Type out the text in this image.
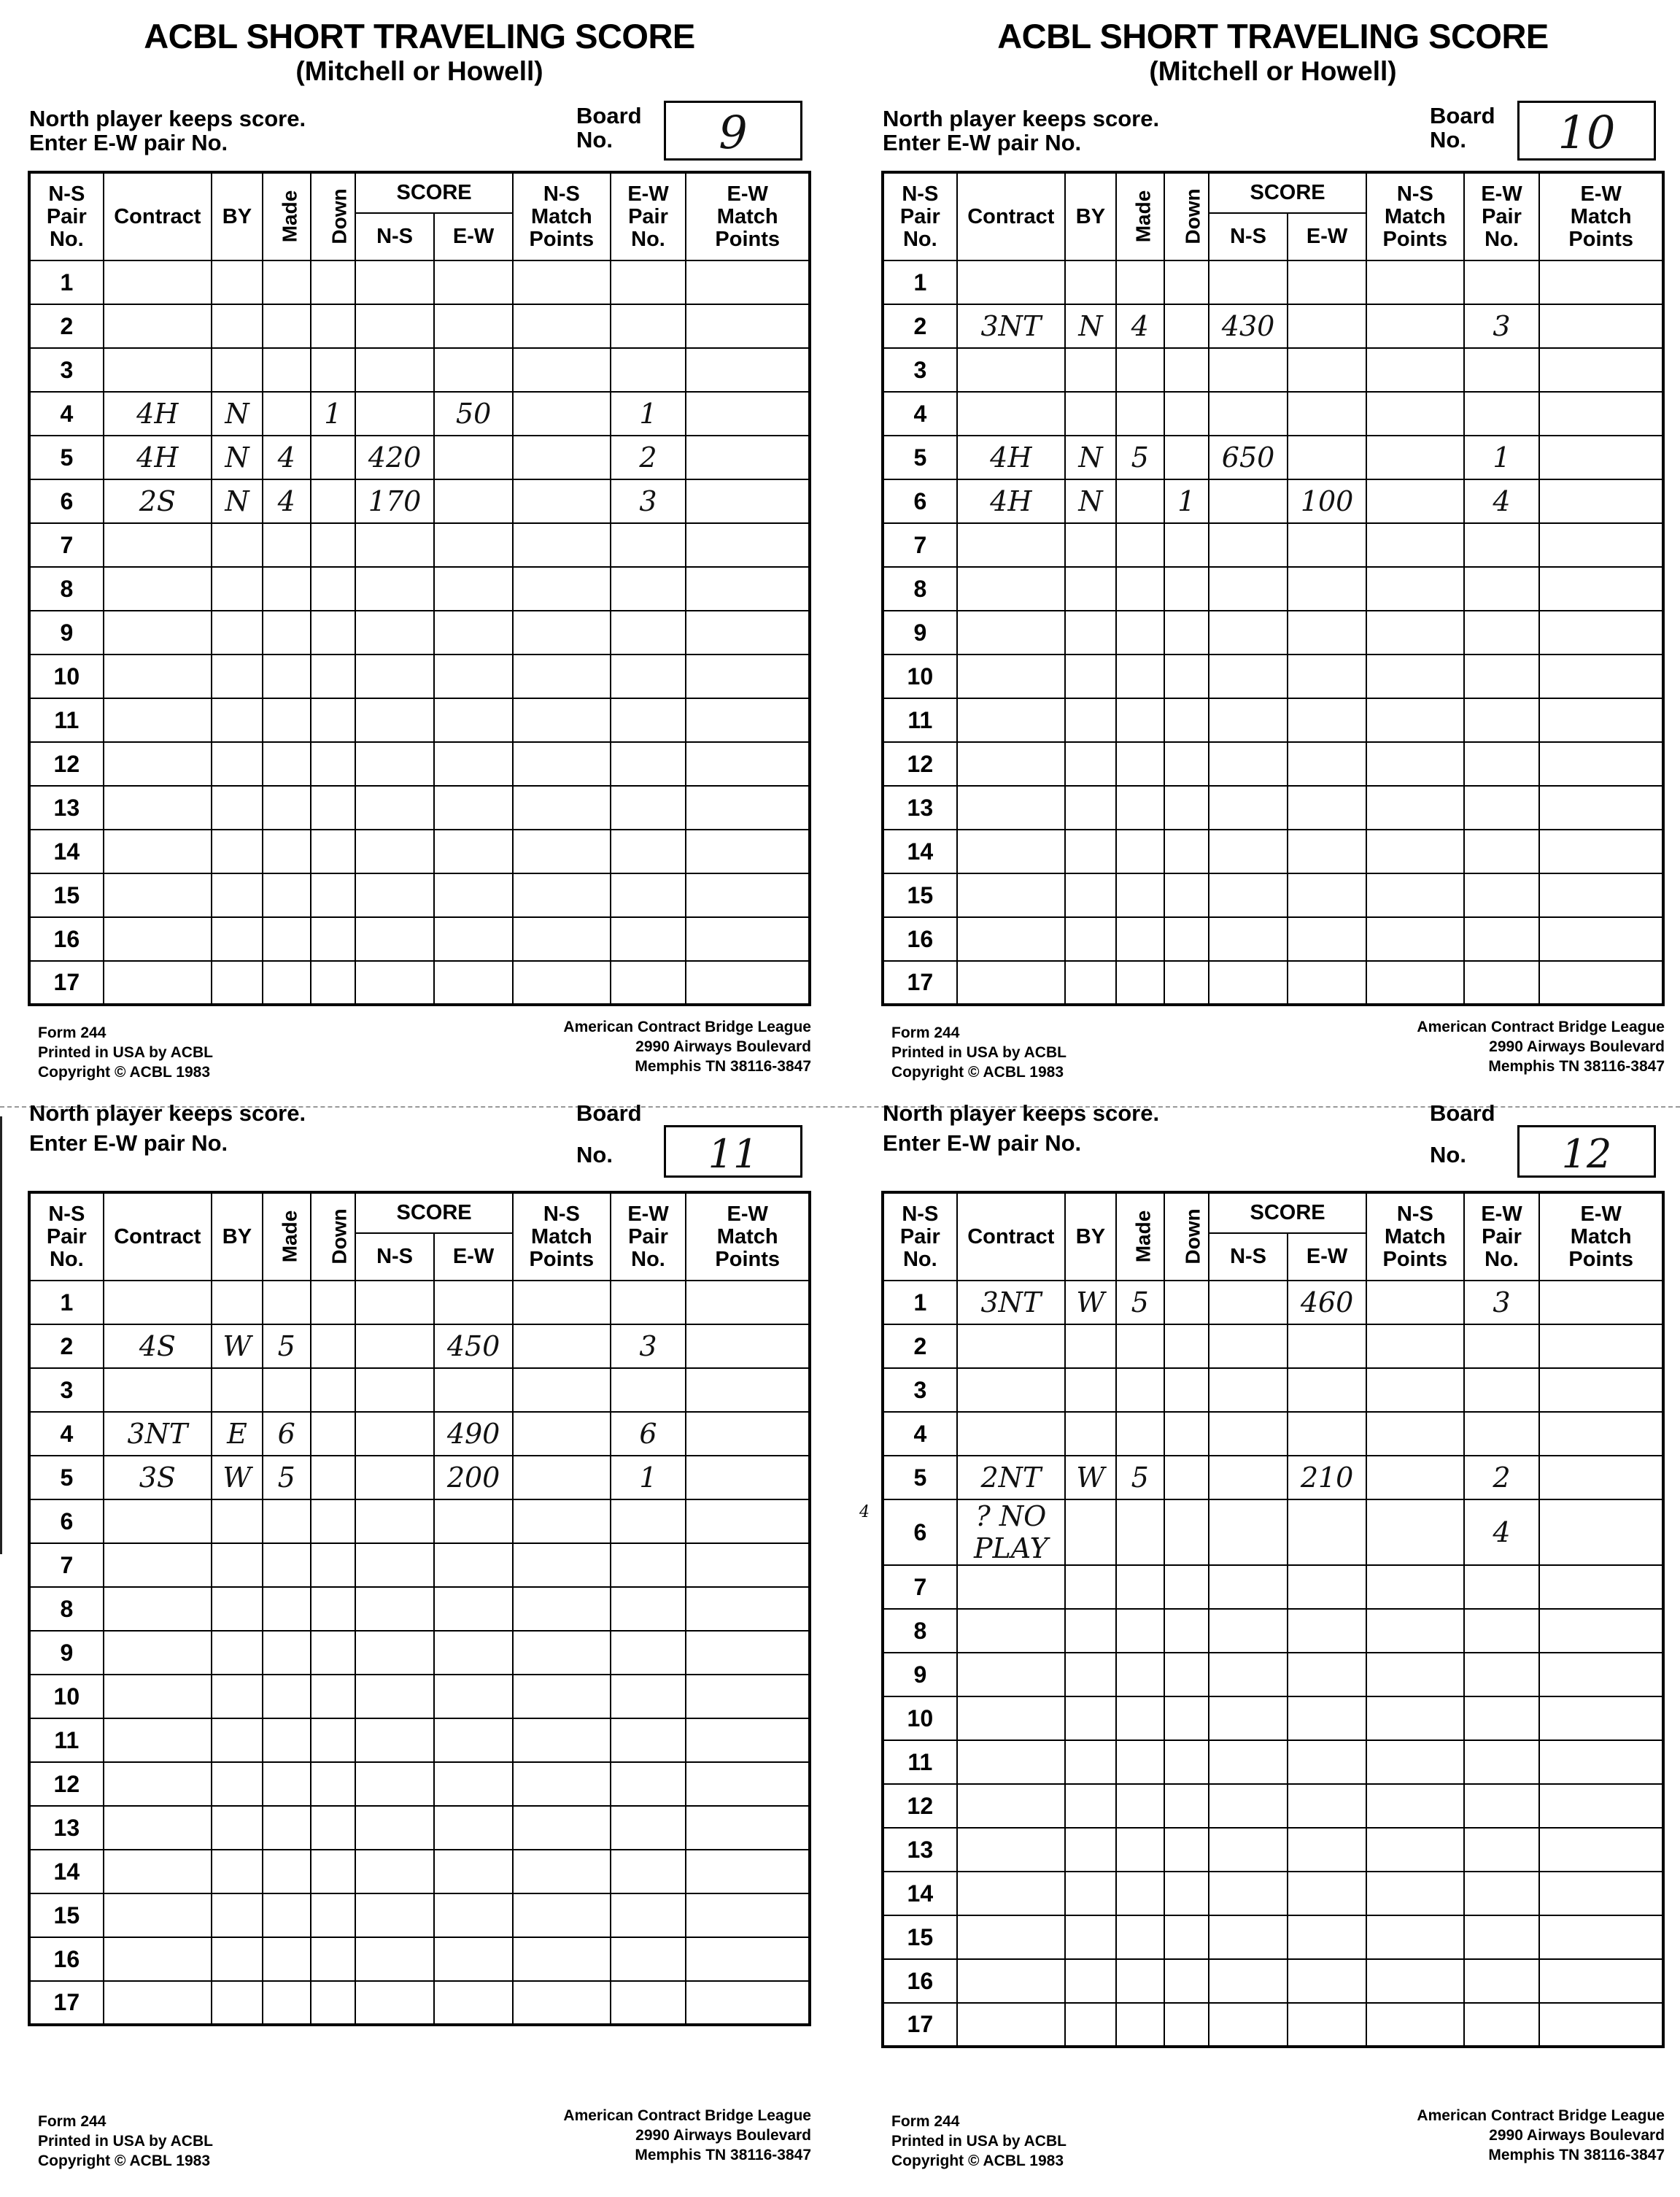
4
ACBL SHORT TRAVELING SCORE
(Mitchell or Howell)
North player keeps score.
Enter E-W pair No.
Board
No.	9
N-S
Pair
No.	Contract	BY	Made	Down	SCORE		N-S
Match
Points	E-W
Pair
No.	E-W
Match
Points

					N-S	E-W			
1									
2									
3									
4	4H	N		1		50		1	
5	4H	N	4		420			2	
6	2S	N	4		170			3	
7									
8									
9									
10									
11									
12									
13									
14									
15									
16									
17									
Form 244
Printed in USA by ACBL
Copyright © ACBL 1983
American Contract Bridge League
2990 Airways Boulevard
Memphis TN 38116-3847
ACBL SHORT TRAVELING SCORE
(Mitchell or Howell)
North player keeps score.
Enter E-W pair No.
Board
No.	10
N-S
Pair
No.	Contract	BY	Made	Down	SCORE		N-S
Match
Points	E-W
Pair
No.	E-W
Match
Points

					N-S	E-W			
1									
2	3NT	N	4		430			3	
3									
4									
5	4H	N	5		650			1	
6	4H	N		1		100		4	
7									
8									
9									
10									
11									
12									
13									
14									
15									
16									
17									
Form 244
Printed in USA by ACBL
Copyright © ACBL 1983
American Contract Bridge League
2990 Airways Boulevard
Memphis TN 38116-3847
North player keeps score.	Board
Enter E-W pair No.	No.	11
N-S
Pair
No.	Contract	BY	Made	Down	SCORE		N-S
Match
Points	E-W
Pair
No.	E-W
Match
Points

					N-S	E-W			
1									
2	4S	W	5			450		3	
3									
4	3NT	E	6			490		6	
5	3S	W	5			200		1	
6									
7									
8									
9									
10									
11									
12									
13									
14									
15									
16									
17									
Form 244
Printed in USA by ACBL
Copyright © ACBL 1983
American Contract Bridge League
2990 Airways Boulevard
Memphis TN 38116-3847
North player keeps score.	Board
Enter E-W pair No.	No.	12
N-S
Pair
No.	Contract	BY	Made	Down	SCORE		N-S
Match
Points	E-W
Pair
No.	E-W
Match
Points

					N-S	E-W			
1	3NT	W	5			460		3	
2									
3									
4									
5	2NT	W	5			210		2	
6	? NO PLAY							4	
7									
8									
9									
10									
11									
12									
13									
14									
15									
16									
17									
Form 244
Printed in USA by ACBL
Copyright © ACBL 1983
American Contract Bridge League
2990 Airways Boulevard
Memphis TN 38116-3847
